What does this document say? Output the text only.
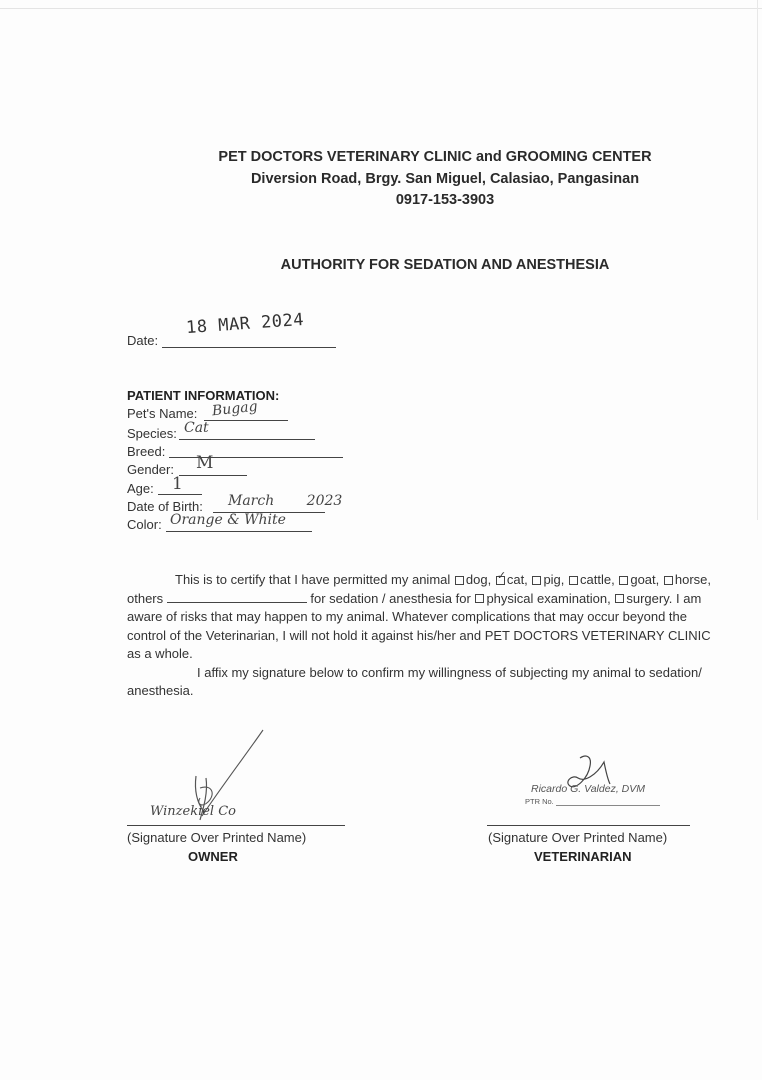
PET DOCTORS VETERINARY CLINIC and GROOMING CENTER
Diversion Road, Brgy. San Miguel, Calasiao, Pangasinan
0917-153-3903
AUTHORITY FOR SEDATION AND ANESTHESIA
Date:
18 MAR 2024
PATIENT INFORMATION:
Pet's Name: Bugag
Species: Cat
Breed:
Gender: M
Age: 1
Date of Birth: March 2023
Color: Orange & White
This is to certify that I have permitted my animal dog, ✓ cat, pig, cattle, goat, horse, others	for sedation / anesthesia for physical examination, surgery. I am aware of risks that may happen to my animal. Whatever complications that may occur beyond the control of the Veterinarian, I will not hold it against his/her and PET DOCTORS VETERINARY CLINIC as a whole.
I affix my signature below to confirm my willingness of subjecting my animal to sedation/ anesthesia.
Winzekiel Co
(Signature Over Printed Name)
OWNER
Ricardo G. Valdez, DVM
PTR No.
(Signature Over Printed Name)
VETERINARIAN
